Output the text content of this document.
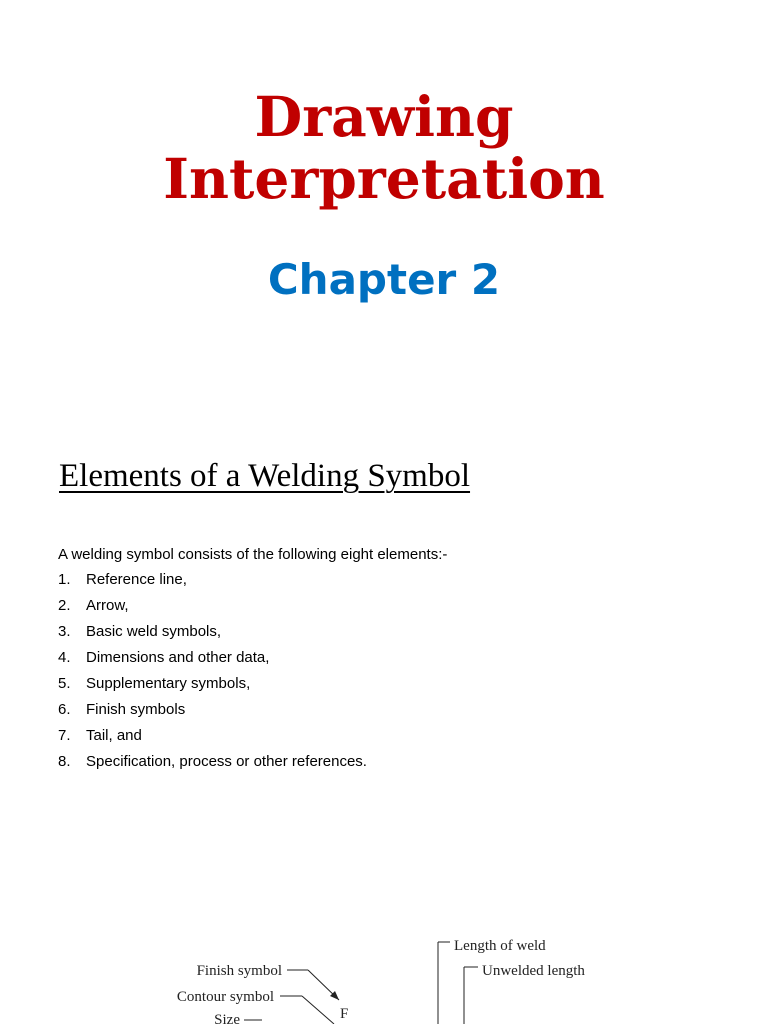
Drawing
Interpretation
Chapter 2
Elements of a Welding Symbol
A welding symbol consists of the following eight elements:-
1. Reference line,
2. Arrow,
3. Basic weld symbols,
4. Dimensions and other data,
5. Supplementary symbols,
6. Finish symbols
7. Tail, and
8. Specification, process or other references.
Finish symbol
Contour symbol
Size	F
Length of weld
Unwelded length
